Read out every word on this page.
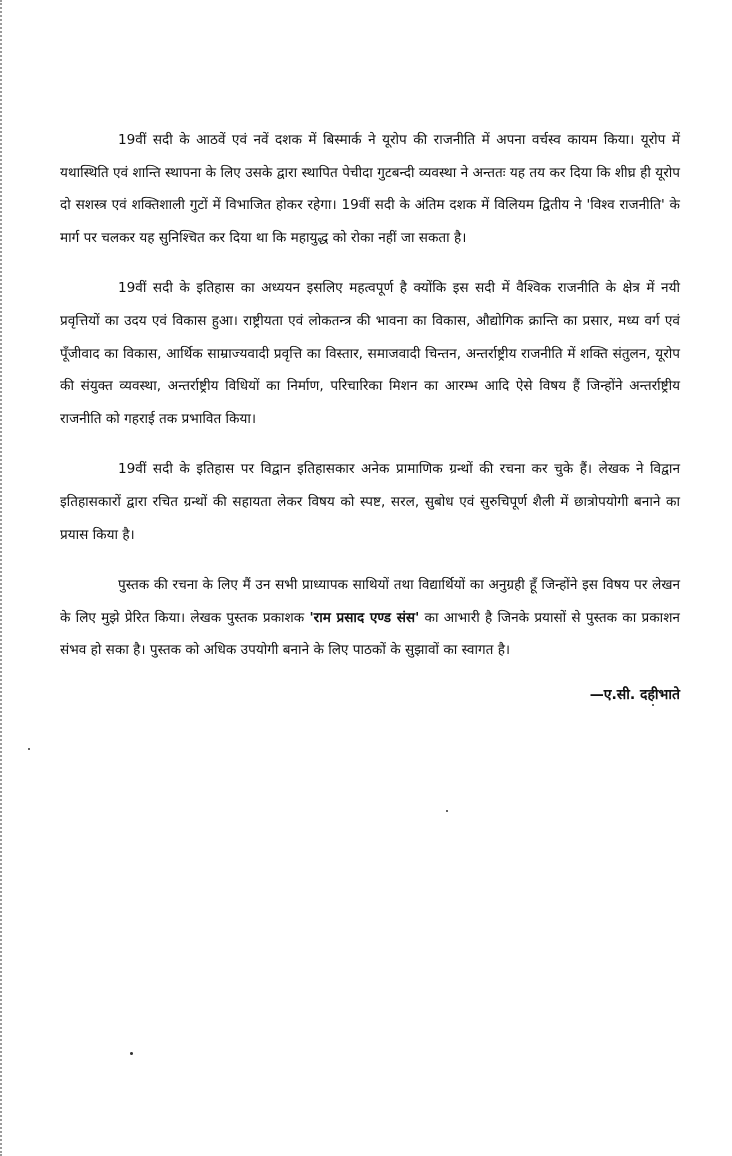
19वीं सदी के आठवें एवं नवें दशक में बिस्मार्क ने यूरोप की राजनीति में अपना वर्चस्व कायम किया। यूरोप में यथास्थिति एवं शान्ति स्थापना के लिए उसके द्वारा स्थापित पेचीदा गुटबन्दी व्यवस्था ने अन्ततः यह तय कर दिया कि शीघ्र ही यूरोप दो सशस्त्र एवं शक्तिशाली गुटों में विभाजित होकर रहेगा। 19वीं सदी के अंतिम दशक में विलियम द्वितीय ने 'विश्व राजनीति' के मार्ग पर चलकर यह सुनिश्चित कर दिया था कि महायुद्ध को रोका नहीं जा सकता है।

19वीं सदी के इतिहास का अध्ययन इसलिए महत्वपूर्ण है क्योंकि इस सदी में वैश्विक राजनीति के क्षेत्र में नयी प्रवृत्तियों का उदय एवं विकास हुआ। राष्ट्रीयता एवं लोकतन्त्र की भावना का विकास, औद्योगिक क्रान्ति का प्रसार, मध्य वर्ग एवं पूँजीवाद का विकास, आर्थिक साम्राज्यवादी प्रवृत्ति का विस्तार, समाजवादी चिन्तन, अन्तर्राष्ट्रीय राजनीति में शक्ति संतुलन, यूरोप की संयुक्त व्यवस्था, अन्तर्राष्ट्रीय विधियों का निर्माण, परिचारिका मिशन का आरम्भ आदि ऐसे विषय हैं जिन्होंने अन्तर्राष्ट्रीय राजनीति को गहराई तक प्रभावित किया।

19वीं सदी के इतिहास पर विद्वान इतिहासकार अनेक प्रामाणिक ग्रन्थों की रचना कर चुके हैं। लेखक ने विद्वान इतिहासकारों द्वारा रचित ग्रन्थों की सहायता लेकर विषय को स्पष्ट, सरल, सुबोध एवं सुरुचिपूर्ण शैली में छात्रोपयोगी बनाने का प्रयास किया है।

पुस्तक की रचना के लिए मैं उन सभी प्राध्यापक साथियों तथा विद्यार्थियों का अनुग्रही हूँ जिन्होंने इस विषय पर लेखन के लिए मुझे प्रेरित किया। लेखक पुस्तक प्रकाशक 'राम प्रसाद एण्ड संस' का आभारी है जिनके प्रयासों से पुस्तक का प्रकाशन संभव हो सका है। पुस्तक को अधिक उपयोगी बनाने के लिए पाठकों के सुझावों का स्वागत है।

—ए.सी. दहीभाते
